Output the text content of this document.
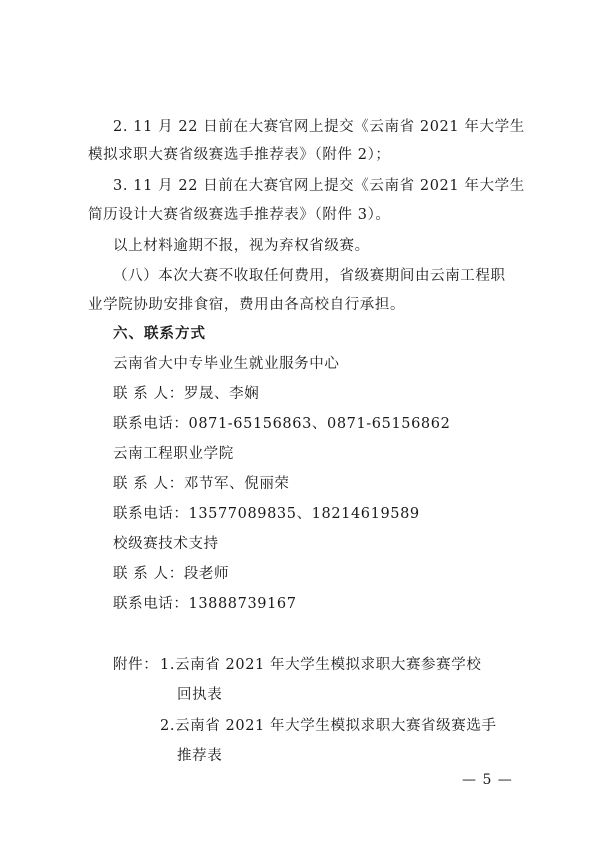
2. 11 月 22 日前在大赛官网上提交《云南省 2021 年大学生
模拟求职大赛省级赛选手推荐表》（附件 2）；
3. 11 月 22 日前在大赛官网上提交《云南省 2021 年大学生
简历设计大赛省级赛选手推荐表》（附件 3）。
以上材料逾期不报，视为弃权省级赛。
（八）本次大赛不收取任何费用，省级赛期间由云南工程职
业学院协助安排食宿，费用由各高校自行承担。
六、联系方式
云南省大中专毕业生就业服务中心
联 系 人：罗晟、李娴
联系电话：0871-65156863、0871-65156862
云南工程职业学院
联 系 人：邓节军、倪丽荣
联系电话：13577089835、18214619589
校级赛技术支持
联 系 人：段老师
联系电话：13888739167
附件： 1.云南省 2021 年大学生模拟求职大赛参赛学校
回执表
2.云南省 2021 年大学生模拟求职大赛省级赛选手
推荐表
— 5 —
